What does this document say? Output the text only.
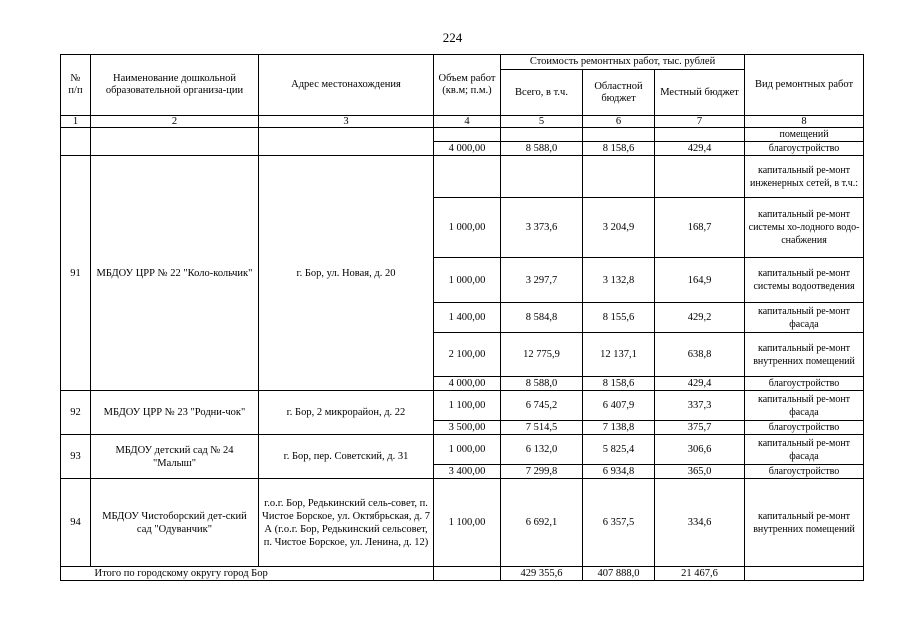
224
№
п/п	Наименование дошкольной образовательной организа-ции	Адрес местонахождения	Объем работ (кв.м; п.м.)	Стоимость ремонтных работ, тыс. рублей			Вид ремонтных работ
				Всего, в т.ч.	Областной бюджет	Местный бюджет	
1	2	3	4	5	6	7	8
							помещений
			4 000,00	8 588,0	8 158,6	429,4	благоустройство
91	МБДОУ ЦРР № 22 "Коло-кольчик"	г. Бор, ул. Новая, д. 20					капитальный ре-монт инженерных сетей, в т.ч.:
			1 000,00	3 373,6	3 204,9	168,7	капитальный ре-монт системы хо-лодного водо-снабжения
			1 000,00	3 297,7	3 132,8	164,9	капитальный ре-монт системы водоотведения
			1 400,00	8 584,8	8 155,6	429,2	капитальный ре-монт фасада
			2 100,00	12 775,9	12 137,1	638,8	капитальный ре-монт внутренних помещений
			4 000,00	8 588,0	8 158,6	429,4	благоустройство
92	МБДОУ ЦРР № 23 "Родни-чок"	г. Бор, 2 микрорайон, д. 22	1 100,00	6 745,2	6 407,9	337,3	капитальный ре-монт фасада
			3 500,00	7 514,5	7 138,8	375,7	благоустройство
93	МБДОУ детский сад № 24 "Малыш"	г. Бор, пер. Советский, д. 31	1 000,00	6 132,0	5 825,4	306,6	капитальный ре-монт фасада
			3 400,00	7 299,8	6 934,8	365,0	благоустройство
94	МБДОУ Чистоборский дет-ский сад "Одуванчик"	г.о.г. Бор, Редькинский сель-совет, п. Чистое Борское, ул. Октябрьская, д. 7 А (г.о.г. Бор, Редькинский сельсовет, п. Чистое Борское, ул. Ленина, д. 12)	1 100,00	6 692,1	6 357,5	334,6	капитальный ре-монт внутренних помещений
	Итого по городскому округу город Бор			429 355,6	407 888,0	21 467,6	
